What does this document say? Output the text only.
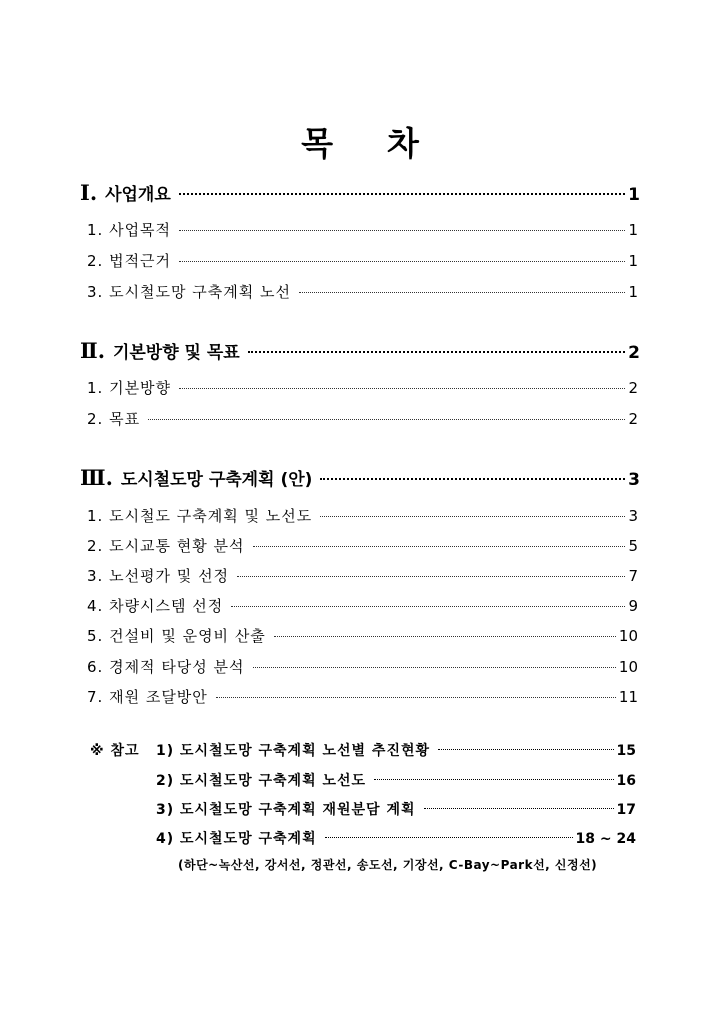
목 차
Ⅰ. 사업개요	1
1. 사업목적	1
2. 법적근거	1
3. 도시철도망 구축계획 노선	1
Ⅱ. 기본방향 및 목표	2
1. 기본방향	2
2. 목표	2
Ⅲ. 도시철도망 구축계획 (안)	3
1. 도시철도 구축계획 및 노선도	3
2. 도시교통 현황 분석	5
3. 노선평가 및 선정	7
4. 차량시스템 선정	9
5. 건설비 및 운영비 산출	10
6. 경제적 타당성 분석	10
7. 재원 조달방안	11
※ 참고 1) 도시철도망 구축계획 노선별 추진현황	15
2) 도시철도망 구축계획 노선도	16
3) 도시철도망 구축계획 재원분담 계획	17
4) 도시철도망 구축계획	18 ~ 24
(하단~녹산선, 강서선, 정관선, 송도선, 기장선, C-Bay~Park선, 신정선)
